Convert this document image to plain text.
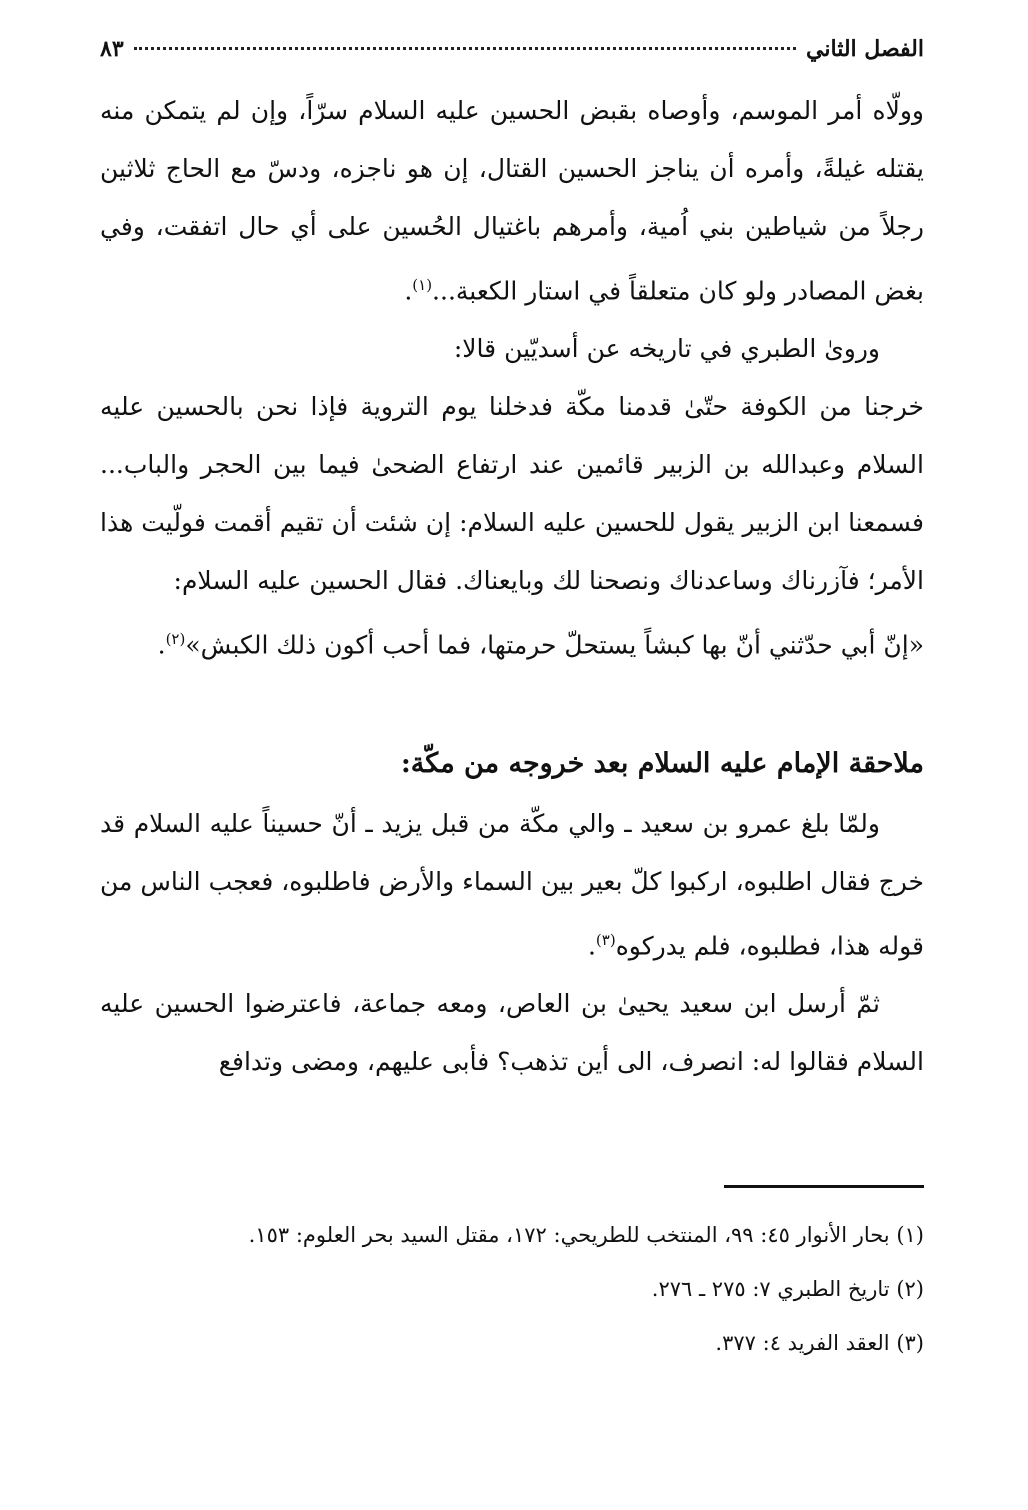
الفصل الثاني
٨٣

وولّاه أمر الموسم، وأوصاه بقبض الحسين عليه السلام سرّاً، وإن لم يتمكن منه يقتله غيلةً، وأمره أن يناجز الحسين القتال، إن هو ناجزه، ودسّ مع الحاج ثلاثين رجلاً من شياطين بني اُمية، وأمرهم باغتيال الحُسين على أي حال اتفقت، وفي بغض المصادر ولو كان متعلقاً في استار الكعبة...$^{(١)}$.

وروىٰ الطبري في تاريخه عن أسديّين قالا:

خرجنا من الكوفة حتّىٰ قدمنا مكّة فدخلنا يوم التروية فإذا نحن بالحسين عليه السلام وعبدالله بن الزبير قائمين عند ارتفاع الضحىٰ فيما بين الحجر والباب... فسمعنا ابن الزبير يقول للحسين عليه السلام: إن شئت أن تقيم أقمت فولّيت هذا الأمر؛ فآزرناك وساعدناك ونصحنا لك وبايعناك. فقال الحسين عليه السلام:

«إنّ أبي حدّثني أنّ بها كبشاً يستحلّ حرمتها، فما أحب أكون ذلك الكبش»$^{(٢)}$.

ملاحقة الإمام عليه السلام بعد خروجه من مكّة:

ولمّا بلغ عمرو بن سعيد ـ والي مكّة من قبل يزيد ـ أنّ حسيناً عليه السلام قد خرج فقال اطلبوه، اركبوا كلّ بعير بين السماء والأرض فاطلبوه، فعجب الناس من قوله هذا، فطلبوه، فلم يدركوه$^{(٣)}$.

ثمّ أرسل ابن سعيد يحيىٰ بن العاص، ومعه جماعة، فاعترضوا الحسين عليه السلام فقالوا له: انصرف، الى أين تذهب؟ فأبى عليهم، ومضى وتدافع

(١) بحار الأنوار ٤٥: ٩٩، المنتخب للطريحي: ١٧٢، مقتل السيد بحر العلوم: ١٥٣.

(٢) تاريخ الطبري ٧: ٢٧٥ ـ ٢٧٦.

(٣) العقد الفريد ٤: ٣٧٧.
